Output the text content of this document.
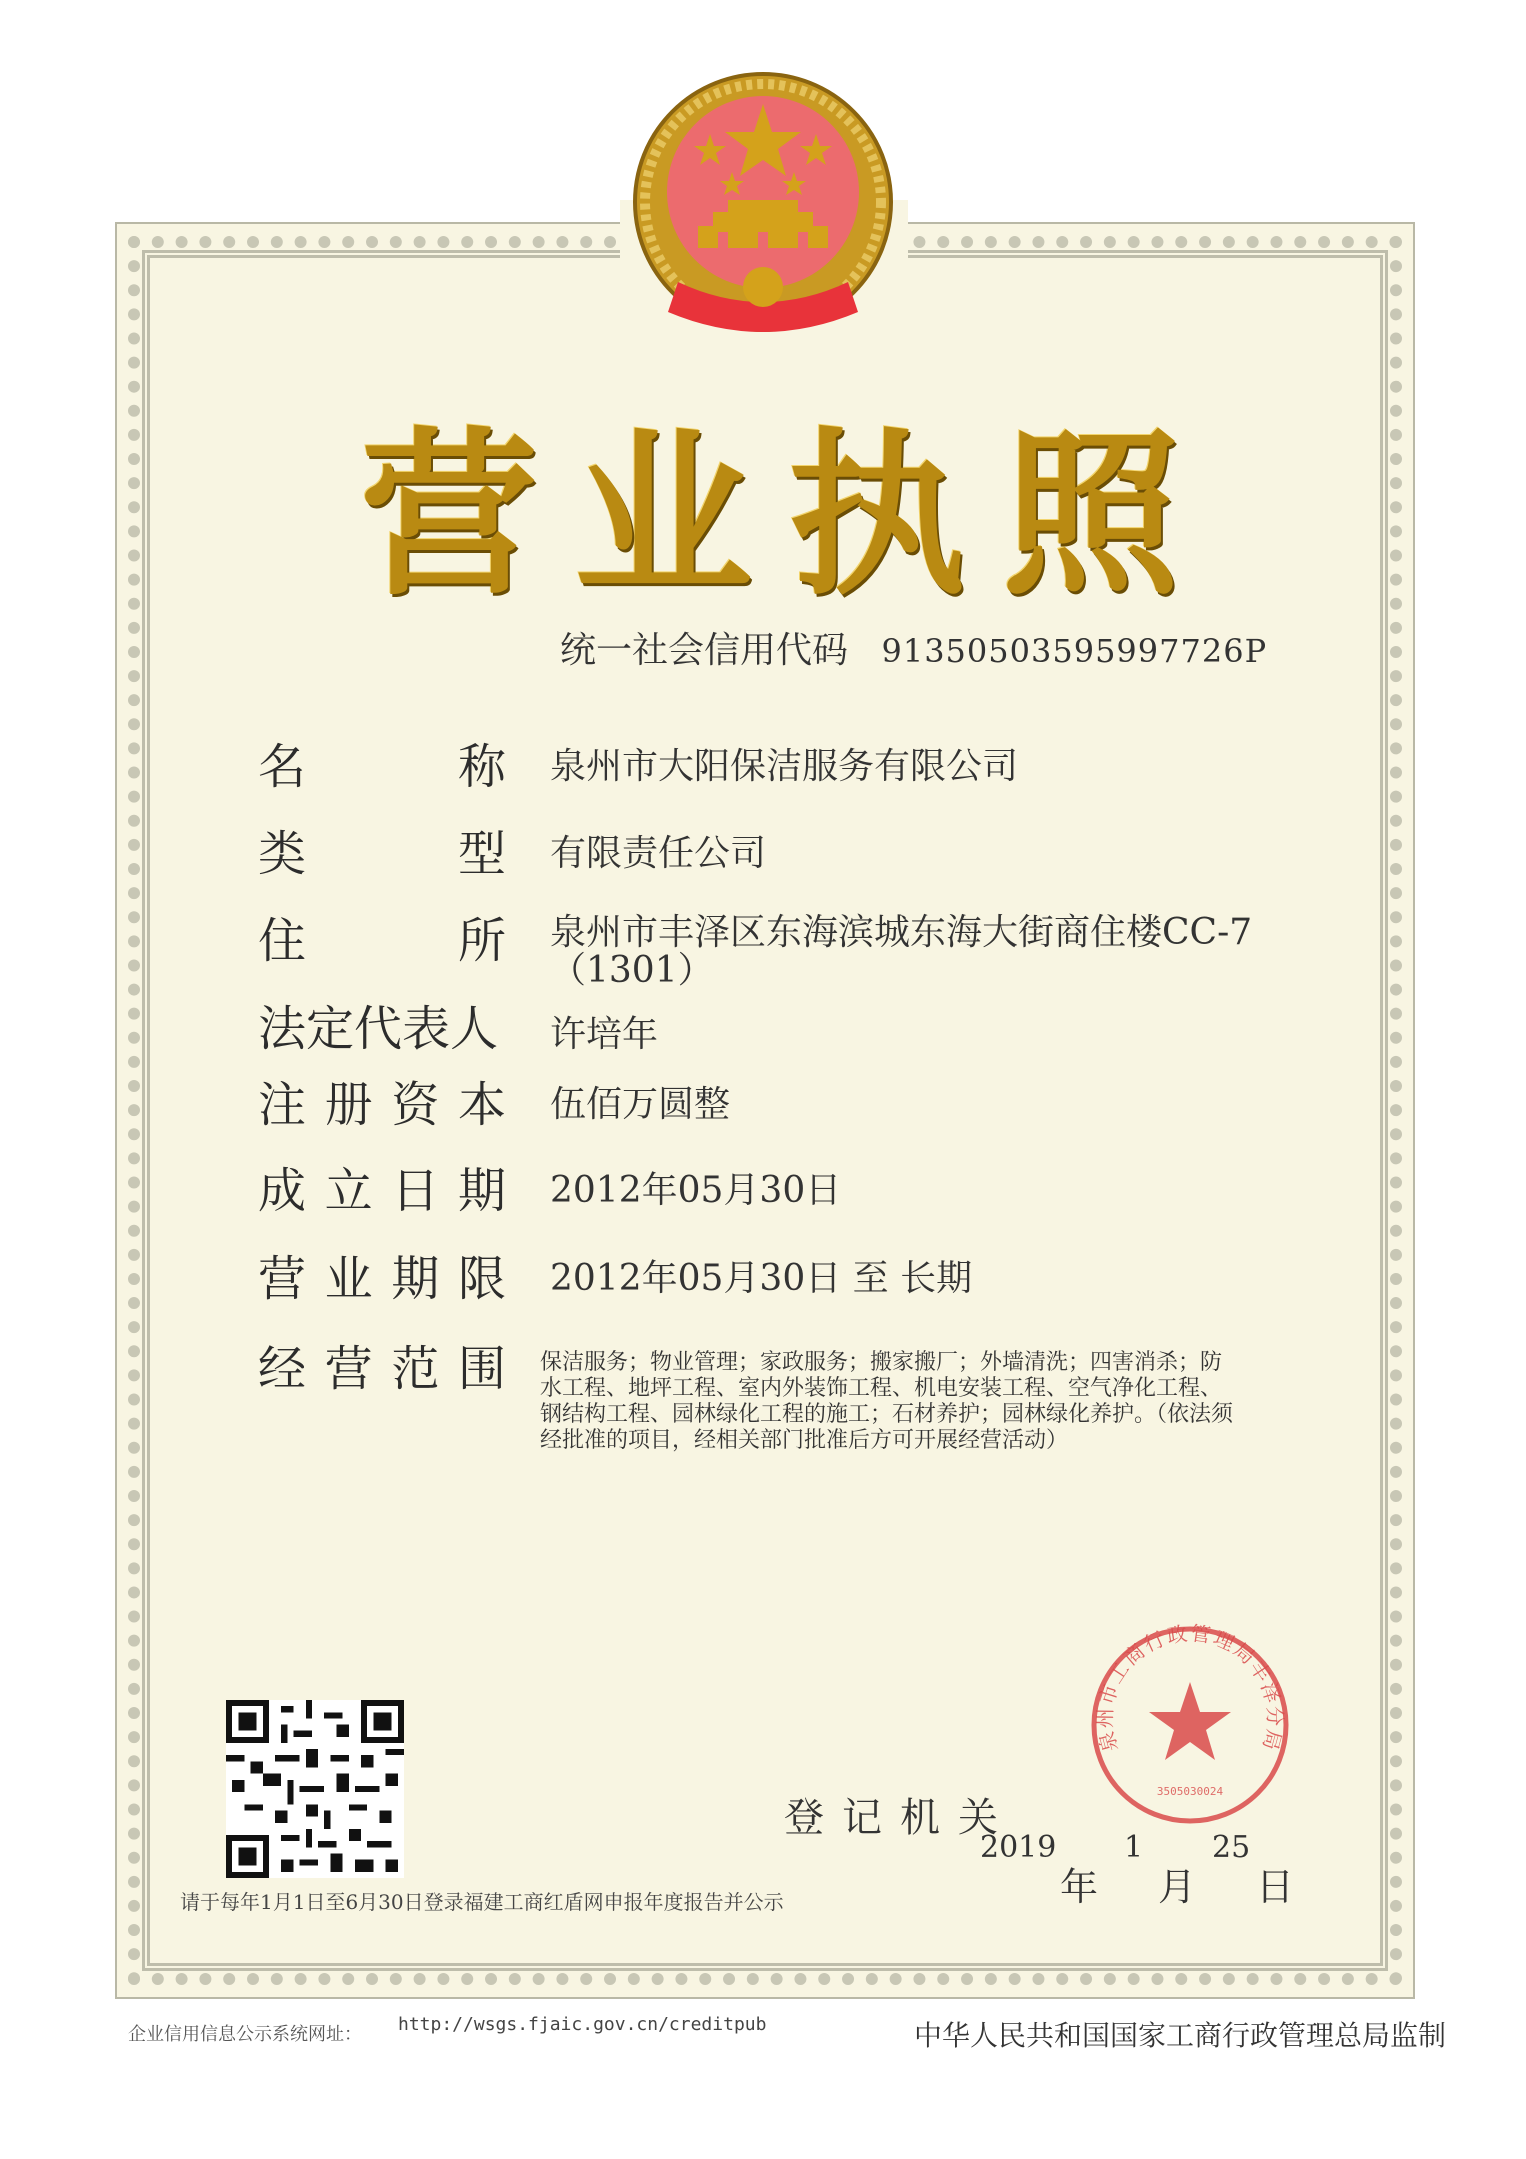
营 业 执 照
统一社会信用代码 91350503595997726P
名	称 泉州市大阳保洁服务有限公司
类	型 有限责任公司
住	所 泉州市丰泽区东海滨城东海大街商住楼CC-7
（1301）
法定代表人 许培年
注 册 资 本 伍佰万圆整
成 立 日 期 2012年05月30日
营 业 期 限 2012年05月30日 至 长期
经 营 范 围 保洁服务；物业管理；家政服务；搬家搬厂；外墙清洗；四害消杀；防水工程、地坪工程、室内外装饰工程、机电安装工程、空气净化工程、钢结构工程、园林绿化工程的施工；石材养护；园林绿化养护。（依法须经批准的项目，经相关部门批准后方可开展经营活动）
请于每年1月1日至6月30日登录福建工商红盾网申报年度报告并公示
登记机关
2019
年
1
月
25
日
泉州市工商行政管理局丰泽分局
3505030024
企业信用信息公示系统网址： http://wsgs.fjaic.gov.cn/creditpub	中华人民共和国国家工商行政管理总局监制
